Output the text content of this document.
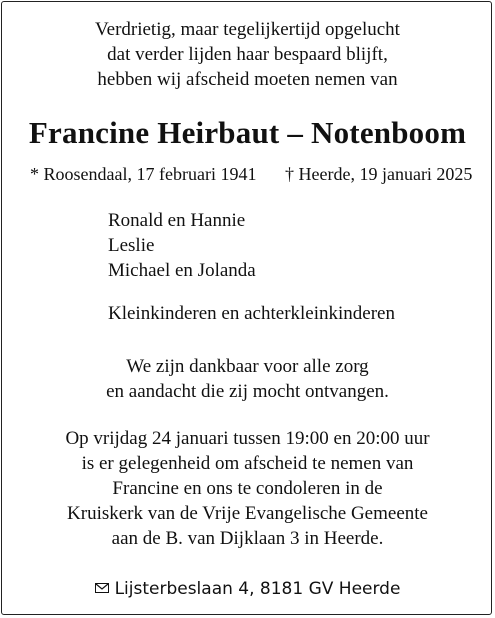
Verdrietig, maar tegelijkertijd opgelucht
dat verder lijden haar bespaard blijft,
hebben wij afscheid moeten nemen van
Francine Heirbaut – Notenboom
* Roosendaal, 17 februari 1941 † Heerde, 19 januari 2025
Ronald en Hannie
Leslie
Michael en Jolanda
Kleinkinderen en achterkleinkinderen
We zijn dankbaar voor alle zorg
en aandacht die zij mocht ontvangen.
Op vrijdag 24 januari tussen 19:00 en 20:00 uur
is er gelegenheid om afscheid te nemen van
Francine en ons te condoleren in de
Kruiskerk van de Vrije Evangelische Gemeente
aan de B. van Dijklaan 3 in Heerde.
Lijsterbeslaan 4, 8181 GV Heerde
